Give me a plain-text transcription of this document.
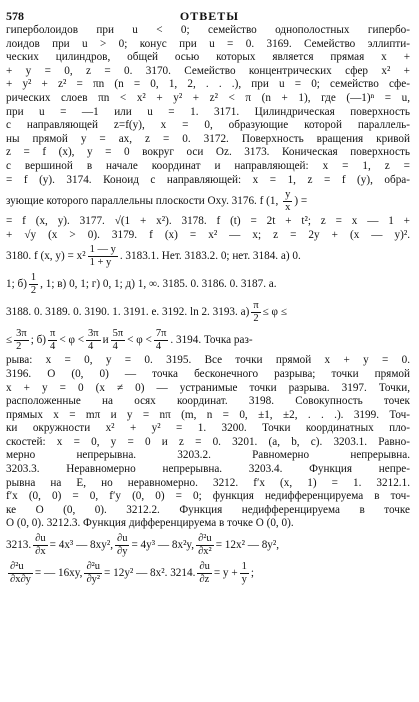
578	ОТВЕТЫ

гиперболоидов при u < 0; семейство однополостных гипербо-

лоидов при u > 0; конус при u = 0. 3169. Семейство эллипти-

ческих цилиндров, общей осью которых является прямая x +

+ y = 0, z = 0. 3170. Семейство концентрических сфер x² +

+ y² + z² = πn (n = 0, 1, 2, . . .), при u = 0; семейство сфе-

рических слоев πn < x² + y² + z² < π (n + 1), где (—1)ⁿ = u,

при u = —1 или u = 1. 3171. Цилиндрическая поверхность

с направляющей z=f(y), x = 0, образующие которой параллель-

ны прямой y = ax, z = 0. 3172. Поверхность вращения кривой

z = f (x), y = 0 вокруг оси Oz. 3173. Коническая поверхность

с вершиной в начале координат и направляющей: x = 1, z =

= f (y). 3174. Коноид с направляющей: x = 1, z = f (y), обра-

зующие которого параллельны плоскости Oxy. 3176. f (1, $\frac{y}{x}$ ) =

= f (x, y). 3177. √(1 + x²). 3178. f (t) = 2t + t²; z = x — 1 +

+ √y (x > 0). 3179. f (x) = x² — x; z = 2y + (x — y)².

3180. f (x, $y) = x^2 \frac{1 — y}{1 + y}$ . 3183.1. Нет. 3183.2. 0; нет. 3184. а) 0.
1; $б) \frac{1}{2}$ , 1; в) 0, 1; г) 0, 1; д) 1, ∞. 3185. 0. 3186. 0. 3187. a.
3188. 0. 3189. 0. 3190. 1. 3191. e. 3192. ln 2. 3193. $a) \frac{\pi}{2} \le \varphi$ ≤
≤ $\frac{3\pi}{2}$ ; $б) \frac{\pi}{4} < \varphi < \frac{3\pi}{4}$ и $\frac{5\pi}{4} < \varphi < \frac{7\pi}{4}$ . 3194. Точка раз-

рыва: x = 0, y = 0. 3195. Все точки прямой x + y = 0.

3196. O (0, 0) — точка бесконечного разрыва; точки прямой

x + y = 0 (x ≠ 0) — устранимые точки разрыва. 3197. Точки,

расположенные на осях координат. 3198. Совокупность точек

прямых x = mπ и y = nπ (m, n = 0, ±1, ±2, . . .). 3199. Точ-

ки окружности x² + y² = 1. 3200. Точки координатных пло-

скостей: x = 0, y = 0 и z = 0. 3201. (a, b, c). 3203.1. Равно-

мерно непрерывна. 3203.2. Равномерно непрерывна.

3203.3. Неравномерно непрерывна. 3203.4. Функция непре-

рывна на E, но неравномерно. 3212. f′x (x, 1) = 1. 3212.1.

f′x (0, 0) = 0, f′y (0, 0) = 0; функция недифференцируема в точ-

ке O (0, 0). 3212.2. Функция недифференцируема в точке

O (0, 0). 3212.3. Функция дифференцируема в точке O (0, 0).

3213. $\frac{\partial u}{\partial x} = 4x^3$ — 8xy², $\frac{\partial u}{\partial y} = 4y^3$ — 8x²y, $\frac{\text{∂²u}}{\text{∂x²}} = 12x^2$ — 8y²,
$\frac{\text{∂²u}}{\partial x\partial y}$ = — 16xy, $\frac{\text{∂²u}}{\text{∂y²}} = 12y^2$ — 8x². 3214. $\frac{\partial u}{\partial z} = y + \frac{1}{y}$ ;
